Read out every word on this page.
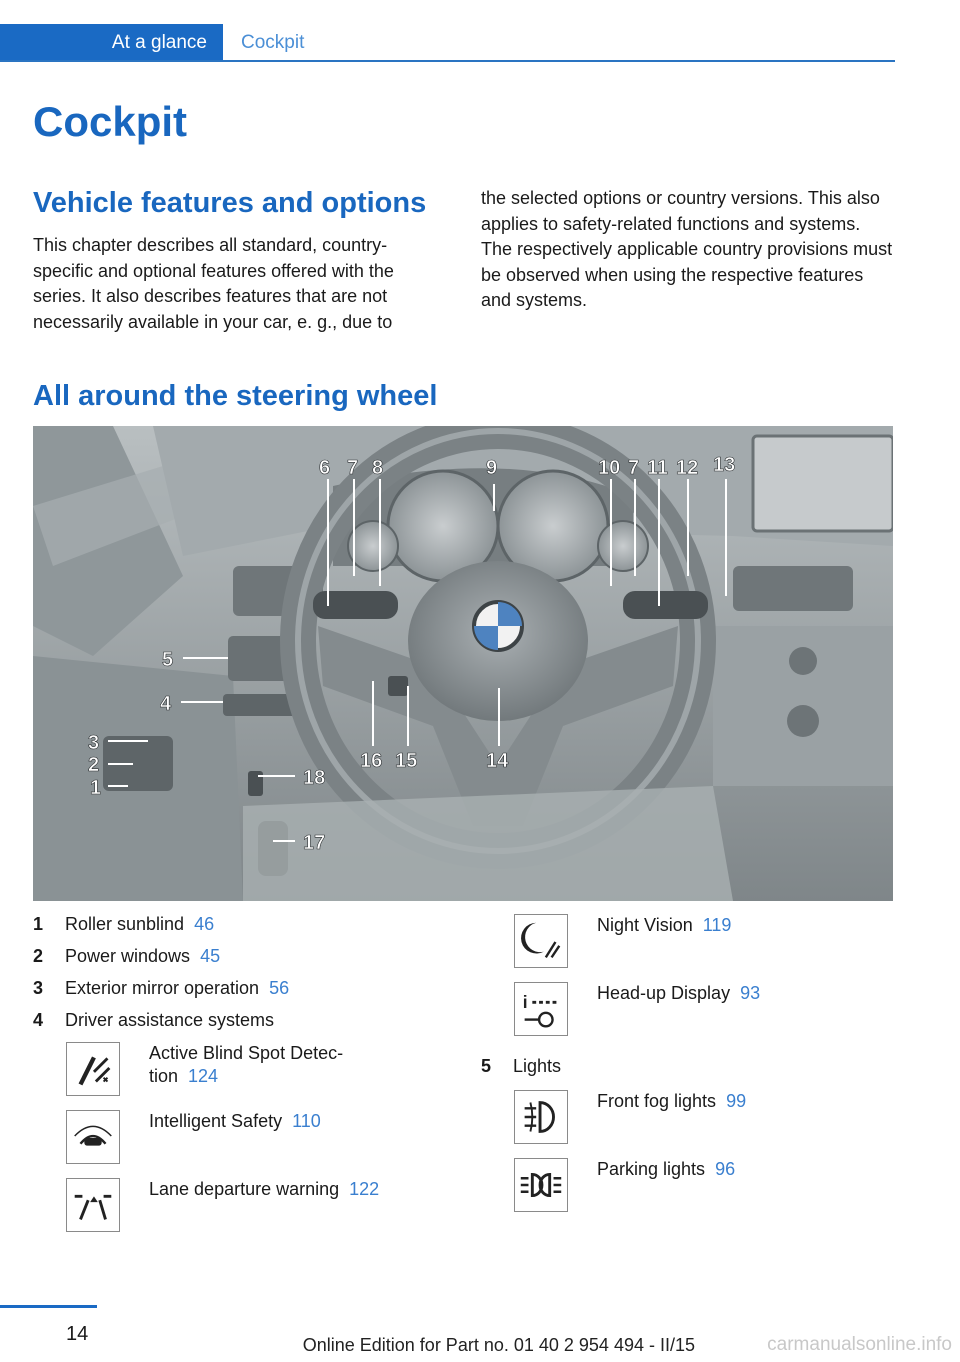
At a glance	Cockpit
Cockpit
Vehicle features and options

This chapter describes all standard, country-specific and optional features offered with the series. It also describes features that are not necessarily available in your car, e. g., due to

the selected options or country versions. This also applies to safety-related functions and systems. The respectively applicable country provisions must be observed when using the respective features and systems.

All around the steering wheel
6 7 8	9	10 7 11 12 13
5
4
3
2
1
16 15	14
18
17
1 Roller sunblind 46
2 Power windows 45
3 Exterior mirror operation 56
4 Driver assistance systems
Active Blind Spot Detec-
tion 124
Intelligent Safety 110
Lane departure warning 122
Night Vision 119
i	Head-up Display 93
5 Lights
Front fog lights 99
Parking lights 96
14	Online Edition for Part no. 01 40 2 954 494 - II/15	carmanualsonline.info
